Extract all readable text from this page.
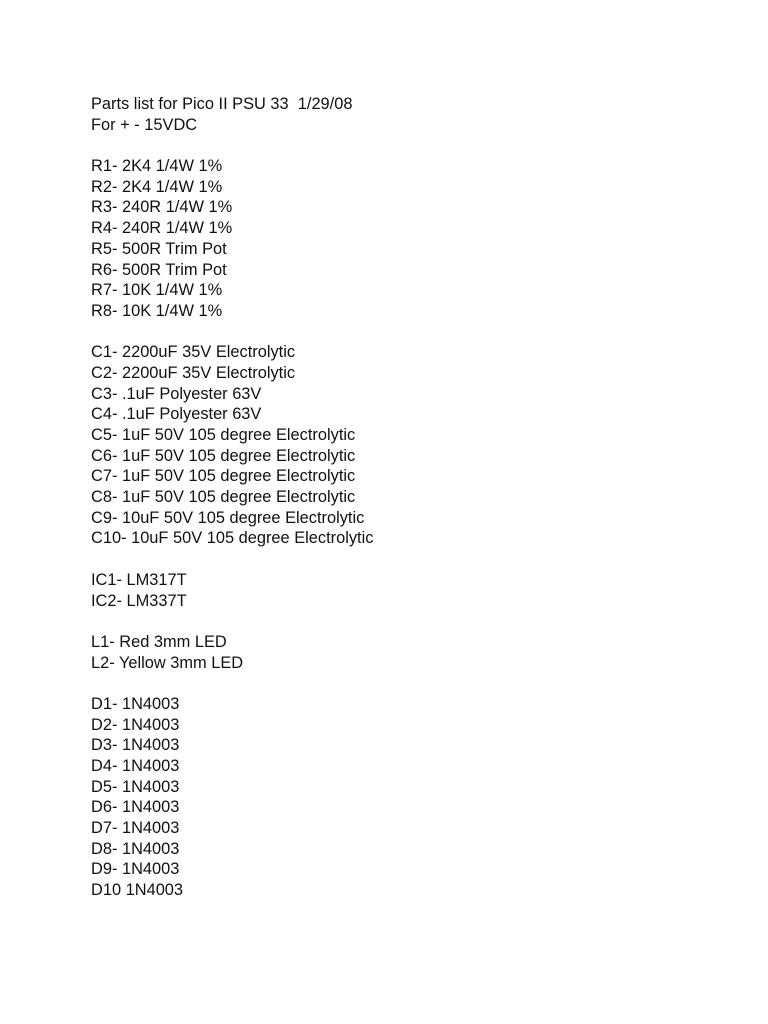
Parts list for Pico II PSU 33  1/29/08
For + - 15VDC
R1- 2K4 1/4W 1%
R2- 2K4 1/4W 1%
R3- 240R 1/4W 1%
R4- 240R 1/4W 1%
R5- 500R Trim Pot
R6- 500R Trim Pot
R7- 10K 1/4W 1%
R8- 10K 1/4W 1%
C1- 2200uF 35V Electrolytic
C2- 2200uF 35V Electrolytic
C3- .1uF Polyester 63V
C4- .1uF Polyester 63V
C5- 1uF 50V 105 degree Electrolytic
C6- 1uF 50V 105 degree Electrolytic
C7- 1uF 50V 105 degree Electrolytic
C8- 1uF 50V 105 degree Electrolytic
C9- 10uF 50V 105 degree Electrolytic
C10- 10uF 50V 105 degree Electrolytic
IC1- LM317T
IC2- LM337T
L1- Red 3mm LED
L2- Yellow 3mm LED
D1- 1N4003
D2- 1N4003
D3- 1N4003
D4- 1N4003
D5- 1N4003
D6- 1N4003
D7- 1N4003
D8- 1N4003
D9- 1N4003
D10 1N4003
